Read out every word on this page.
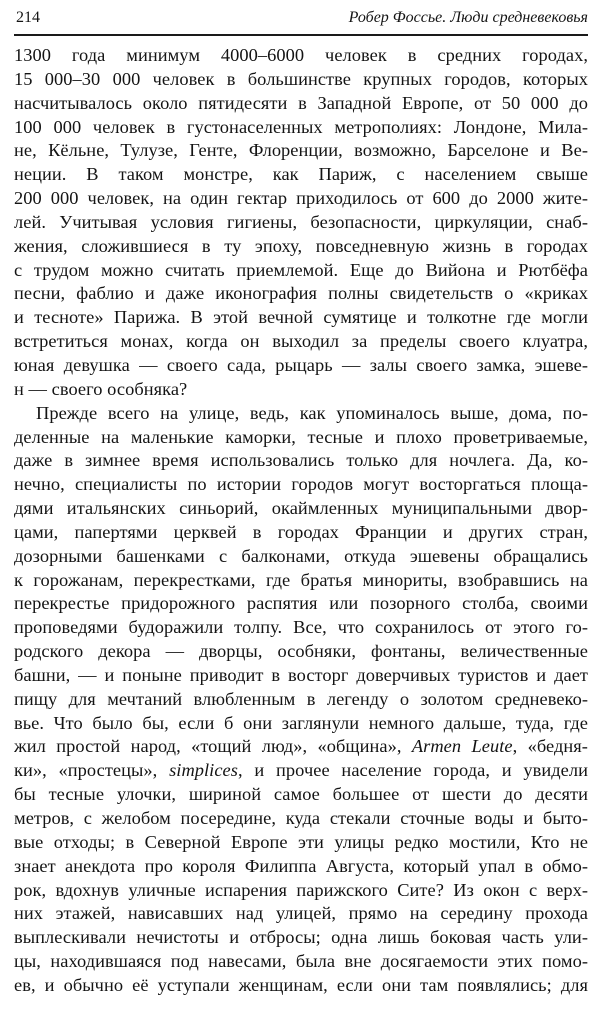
214	Робер Фоссье. Люди средневековья
1300 года минимум 4000–6000 человек в средних городах,
15 000–30 000 человек в большинстве крупных городов, которых
насчитывалось около пятидесяти в Западной Европе, от 50 000 до
100 000 человек в густонаселенных метрополиях: Лондоне, Мила-
не, Кёльне, Тулузе, Генте, Флоренции, возможно, Барселоне и Ве-
неции. В таком монстре, как Париж, с населением свыше
200 000 человек, на один гектар приходилось от 600 до 2000 жите-
лей. Учитывая условия гигиены, безопасности, циркуляции, снаб-
жения, сложившиеся в ту эпоху, повседневную жизнь в городах
с трудом можно считать приемлемой. Еще до Вийона и Рютбёфа
песни, фаблио и даже иконография полны свидетельств о «криках
и тесноте» Парижа. В этой вечной сумятице и толкотне где могли
встретиться монах, когда он выходил за пределы своего клуатра,
юная девушка — своего сада, рыцарь — залы своего замка, эшеве-
н — своего особняка?
Прежде всего на улице, ведь, как упоминалось выше, дома, по-
деленные на маленькие каморки, тесные и плохо проветриваемые,
даже в зимнее время использовались только для ночлега. Да, ко-
нечно, специалисты по истории городов могут восторгаться площа-
дями итальянских синьорий, окаймленных муниципальными двор-
цами, папертями церквей в городах Франции и других стран,
дозорными башенками с балконами, откуда эшевены обращались
к горожанам, перекрестками, где братья минориты, взобравшись на
перекрестье придорожного распятия или позорного столба, своими
проповедями будоражили толпу. Все, что сохранилось от этого го-
родского декора — дворцы, особняки, фонтаны, величественные
башни, — и поныне приводит в восторг доверчивых туристов и дает
пищу для мечтаний влюбленным в легенду о золотом средневеко-
вье. Что было бы, если б они заглянули немного дальше, туда, где
жил простой народ, «тощий люд», «община», Armen Leute, «бедня-
ки», «простецы», simplices, и прочее население города, и увидели
бы тесные улочки, шириной самое большее от шести до десяти
метров, с желобом посередине, куда стекали сточные воды и быто-
вые отходы; в Северной Европе эти улицы редко мостили, Кто не
знает анекдота про короля Филиппа Августа, который упал в обмо-
рок, вдохнув уличные испарения парижского Сите? Из окон с верх-
них этажей, нависавших над улицей, прямо на середину прохода
выплескивали нечистоты и отбросы; одна лишь боковая часть ули-
цы, находившаяся под навесами, была вне досягаемости этих помо-
ев, и обычно её уступали женщинам, если они там появлялись; для
